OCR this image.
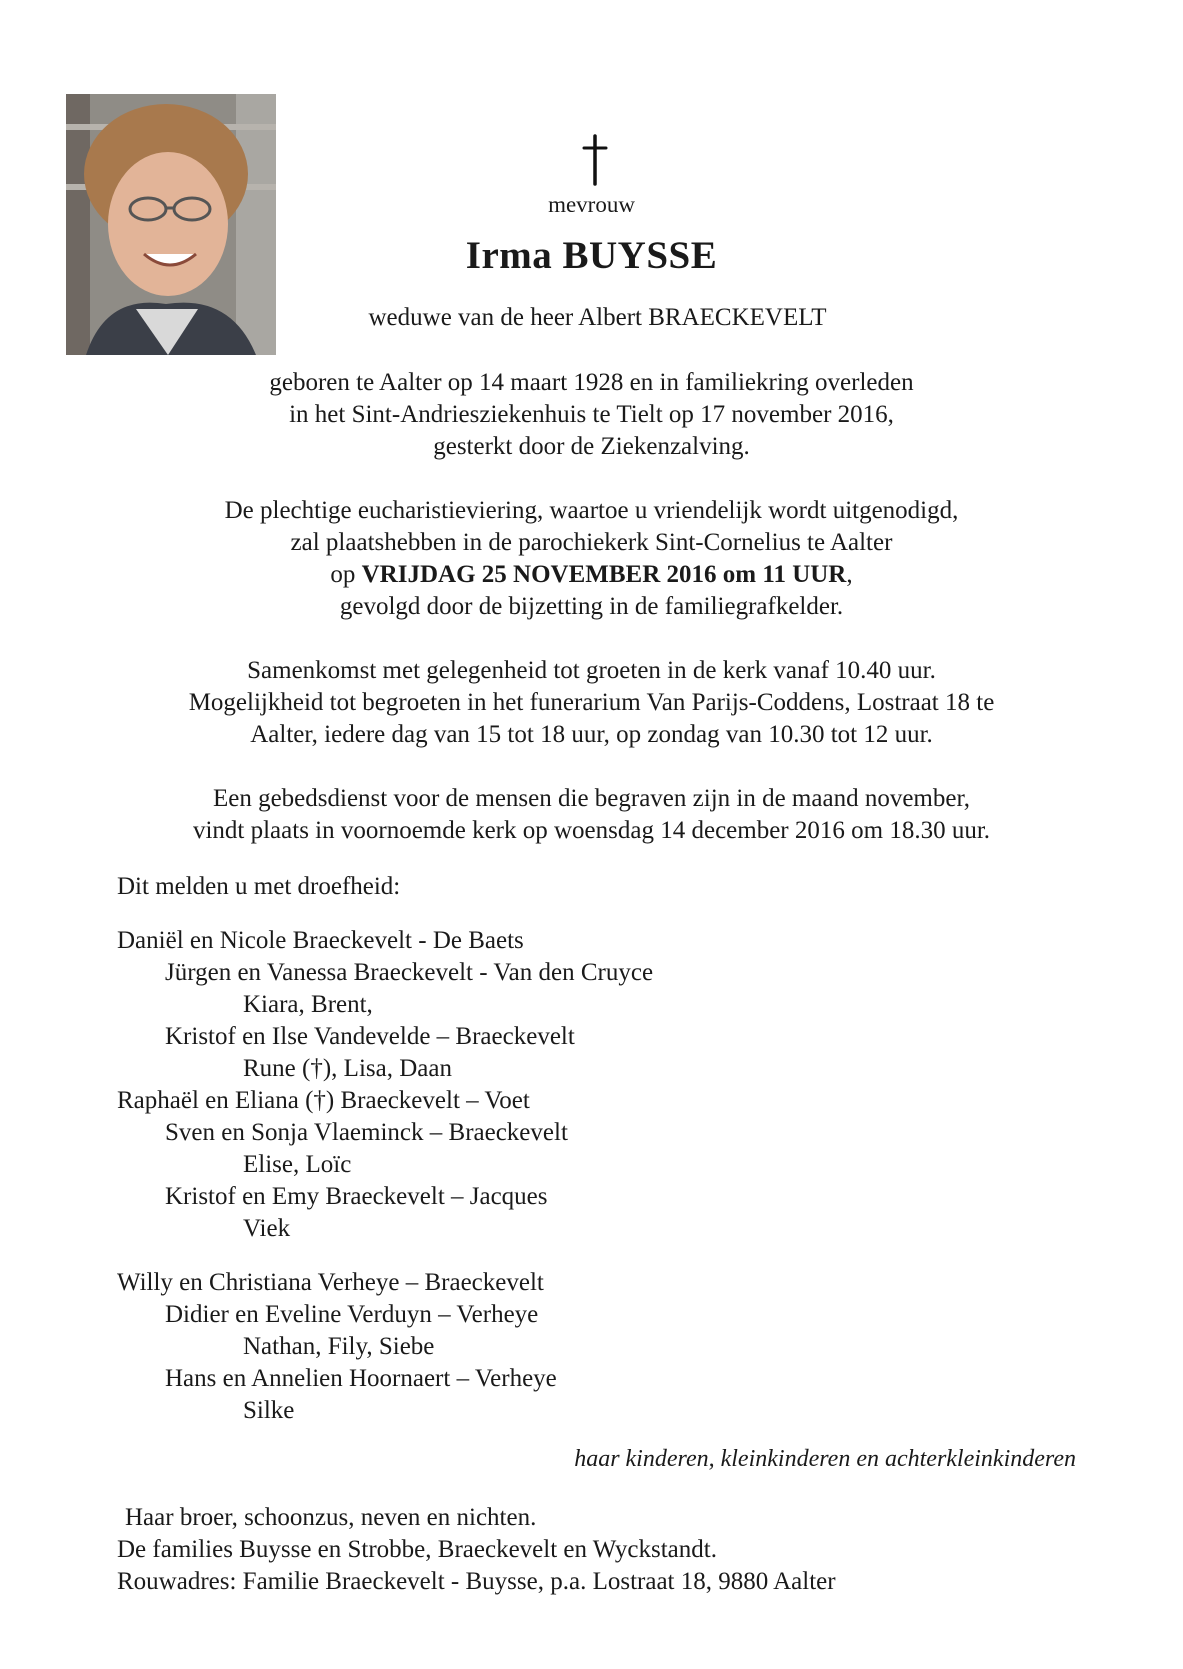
mevrouw
Irma BUYSSE
weduwe van de heer Albert BRAECKEVELT
geboren te Aalter op 14 maart 1928 en in familiekring overleden
in het Sint-Andriesziekenhuis te Tielt op 17 november 2016,
gesterkt door de Ziekenzalving.
De plechtige eucharistieviering, waartoe u vriendelijk wordt uitgenodigd,
zal plaatshebben in de parochiekerk Sint-Cornelius te Aalter
op VRIJDAG 25 NOVEMBER 2016 om 11 UUR,
gevolgd door de bijzetting in de familiegrafkelder.
Samenkomst met gelegenheid tot groeten in de kerk vanaf 10.40 uur.
Mogelijkheid tot begroeten in het funerarium Van Parijs-Coddens, Lostraat 18 te
Aalter, iedere dag van 15 tot 18 uur, op zondag van 10.30 tot 12 uur.
Een gebedsdienst voor de mensen die begraven zijn in de maand november,
vindt plaats in voornoemde kerk op woensdag 14 december 2016 om 18.30 uur.
Dit melden u met droefheid:
Daniël en Nicole Braeckevelt - De Baets
Jürgen en Vanessa Braeckevelt - Van den Cruyce
Kiara, Brent,
Kristof en Ilse Vandevelde – Braeckevelt
Rune (†), Lisa, Daan
Raphaël en Eliana (†) Braeckevelt – Voet
Sven en Sonja Vlaeminck – Braeckevelt
Elise, Loïc
Kristof en Emy Braeckevelt – Jacques
Viek
Willy en Christiana Verheye – Braeckevelt
Didier en Eveline Verduyn – Verheye
Nathan, Fily, Siebe
Hans en Annelien Hoornaert – Verheye
Silke
haar kinderen, kleinkinderen en achterkleinkinderen
Haar broer, schoonzus, neven en nichten.
De families Buysse en Strobbe, Braeckevelt en Wyckstandt.
Rouwadres: Familie Braeckevelt - Buysse, p.a. Lostraat 18, 9880 Aalter
